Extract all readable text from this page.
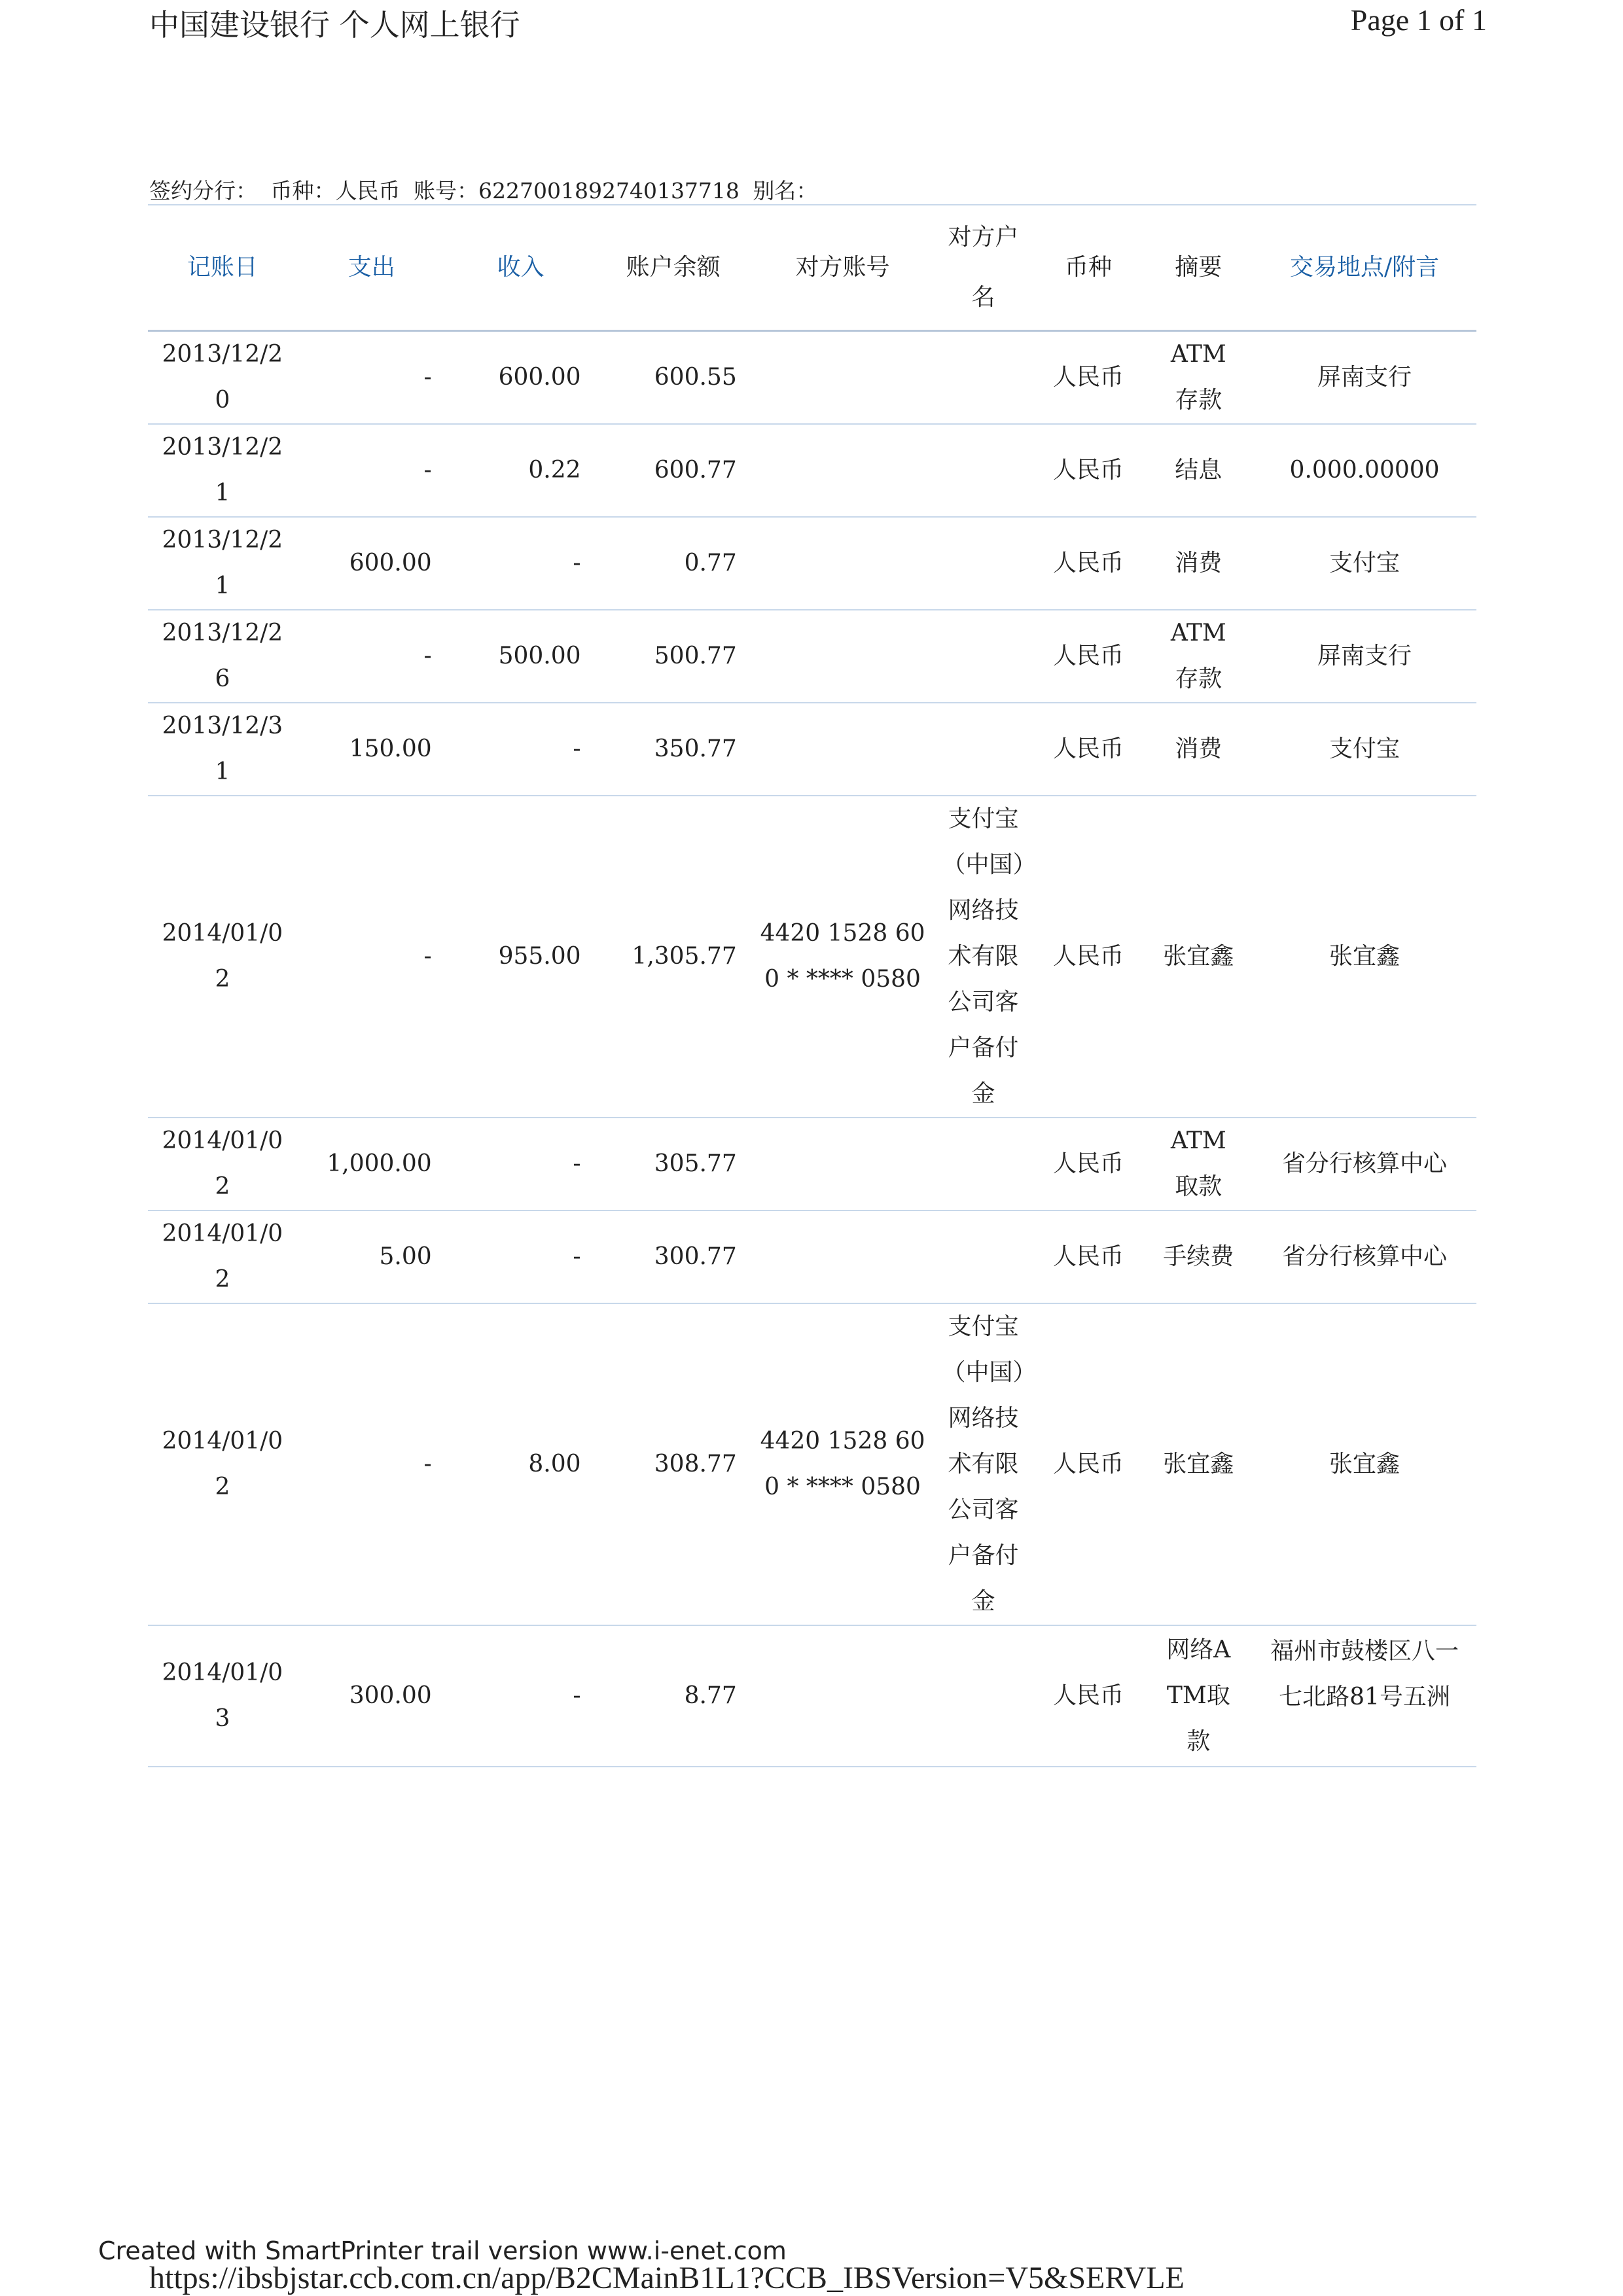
中国建设银行 个人网上银行	Page 1 of 1
签约分行： 币种：人民币 账号：6227001892740137718 别名：
记账日	支出	收入	账户余额	对方账号	对方户名	币种	摘要	交易地点/附言

2013/12/20	-	600.00	600.55			人民币	ATM存款	屏南支行

2013/12/21	-	0.22	600.77			人民币	结息	0.000.00000

2013/12/21	600.00	-	0.77			人民币	消费	支付宝

2013/12/26	-	500.00	500.77			人民币	ATM存款	屏南支行

2013/12/31	150.00	-	350.77			人民币	消费	支付宝

2014/01/02	-	955.00	1,305.77	4420 1528 600 * **** 0580	支付宝（中国）网络技术有限公司客户备付金	人民币	张宜鑫	张宜鑫

2014/01/02	1,000.00	-	305.77			人民币	ATM取款	省分行核算中心

2014/01/02	5.00	-	300.77			人民币	手续费	省分行核算中心

2014/01/02	-	8.00	308.77	4420 1528 600 * **** 0580	支付宝（中国）网络技术有限公司客户备付金	人民币	张宜鑫	张宜鑫

2014/01/03	300.00	-	8.77			人民币	网络ATM取款	福州市鼓楼区八一七北路81号五洲
Created with SmartPrinter trail version www.i-enet.com
https://ibsbjstar.ccb.com.cn/app/B2CMainB1L1?CCB_IBSVersion=V5&SERVLE
